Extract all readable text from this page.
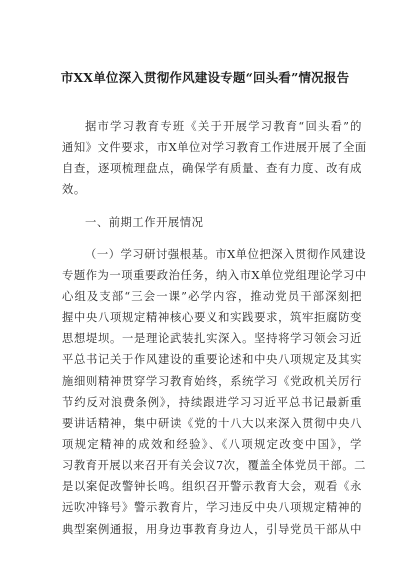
市XX单位深入贯彻作风建设专题“回头看”情况报告
据市学习教育专班《关于开展学习教育“回头看”的
通知》文件要求，市X单位对学习教育工作进展开展了全面
自查，逐项梳理盘点，确保学有质量、查有力度、改有成
效。
一、前期工作开展情况
（一）学习研讨强根基。市X单位把深入贯彻作风建设
专题作为一项重要政治任务，纳入市X单位党组理论学习中
心组及支部“三会一课”必学内容，推动党员干部深刻把
握中央八项规定精神核心要义和实践要求，筑牢拒腐防变
思想堤坝。一是理论武装扎实深入。坚持将学习领会习近
平总书记关于作风建设的重要论述和中央八项规定及其实
施细则精神贯穿学习教育始终，系统学习《党政机关厉行
节约反对浪费条例》，持续跟进学习习近平总书记最新重
要讲话精神，集中研读《党的十八大以来深入贯彻中央八
项规定精神的成效和经验》、《八项规定改变中国》，学
习教育开展以来召开有关会议7次，覆盖全体党员干部。二
是以案促改警钟长鸣。组织召开警示教育大会，观看《永
远吹冲锋号》警示教育片，学习违反中央八项规定精神的
典型案例通报，用身边事教育身边人，引导党员干部从中
